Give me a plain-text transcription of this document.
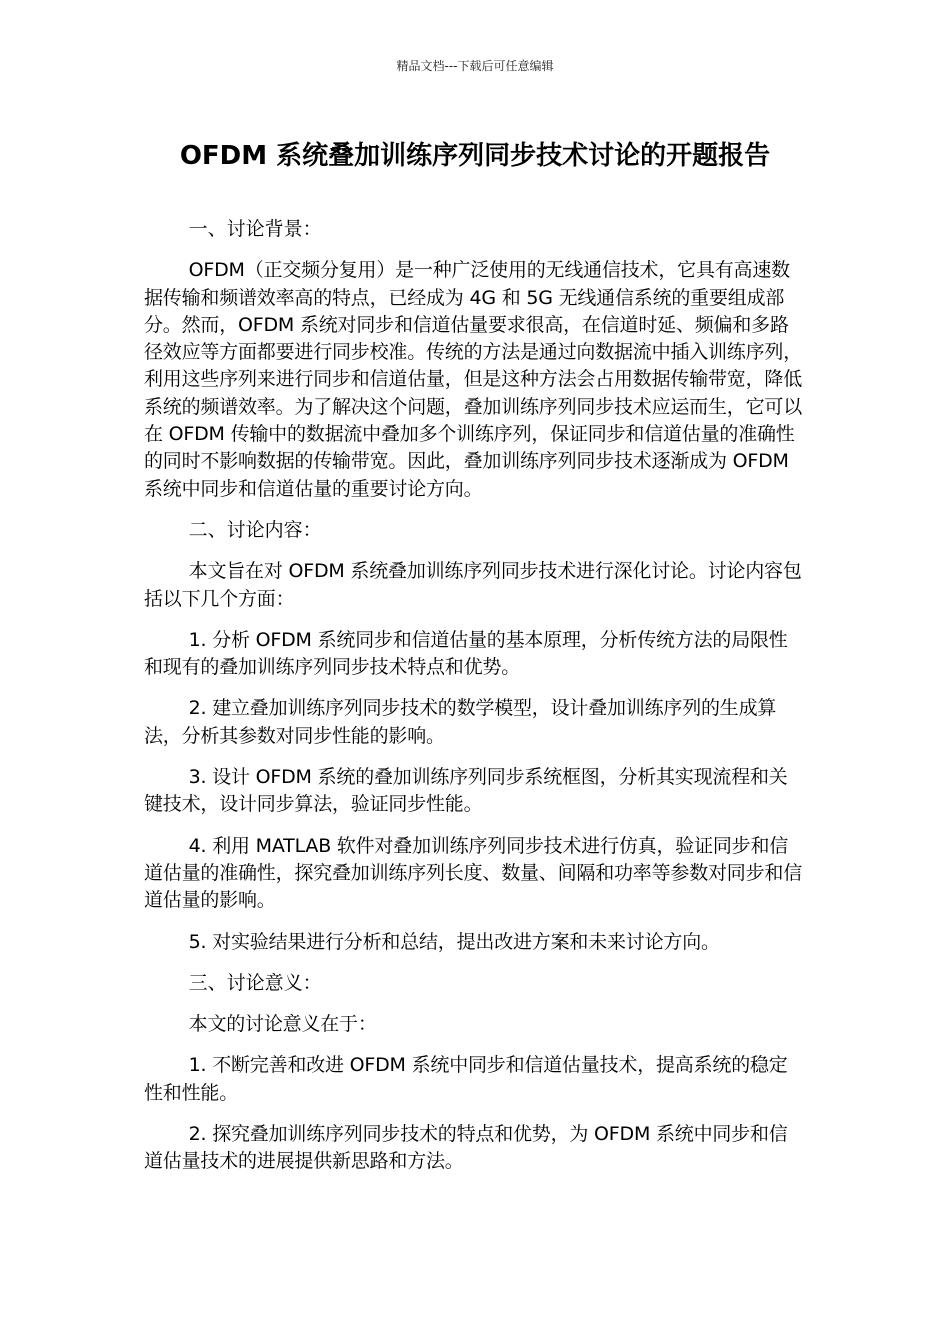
精品文档---下载后可任意编辑
OFDM 系统叠加训练序列同步技术讨论的开题报告

一、讨论背景：

OFDM（正交频分复用）是一种广泛使用的无线通信技术，它具有高速数据传输和频谱效率高的特点，已经成为 4G 和 5G 无线通信系统的重要组成部分。然而，OFDM 系统对同步和信道估量要求很高，在信道时延、频偏和多路径效应等方面都要进行同步校准。传统的方法是通过向数据流中插入训练序列，利用这些序列来进行同步和信道估量，但是这种方法会占用数据传输带宽，降低系统的频谱效率。为了解决这个问题，叠加训练序列同步技术应运而生，它可以在 OFDM 传输中的数据流中叠加多个训练序列，保证同步和信道估量的准确性的同时不影响数据的传输带宽。因此，叠加训练序列同步技术逐渐成为 OFDM 系统中同步和信道估量的重要讨论方向。

二、讨论内容：

本文旨在对 OFDM 系统叠加训练序列同步技术进行深化讨论。讨论内容包括以下几个方面：

1. 分析 OFDM 系统同步和信道估量的基本原理，分析传统方法的局限性和现有的叠加训练序列同步技术特点和优势。

2. 建立叠加训练序列同步技术的数学模型，设计叠加训练序列的生成算法，分析其参数对同步性能的影响。

3. 设计 OFDM 系统的叠加训练序列同步系统框图，分析其实现流程和关键技术，设计同步算法，验证同步性能。

4. 利用 MATLAB 软件对叠加训练序列同步技术进行仿真，验证同步和信道估量的准确性，探究叠加训练序列长度、数量、间隔和功率等参数对同步和信道估量的影响。

5. 对实验结果进行分析和总结，提出改进方案和未来讨论方向。

三、讨论意义：

本文的讨论意义在于：

1. 不断完善和改进 OFDM 系统中同步和信道估量技术，提高系统的稳定性和性能。

2. 探究叠加训练序列同步技术的特点和优势，为 OFDM 系统中同步和信道估量技术的进展提供新思路和方法。
